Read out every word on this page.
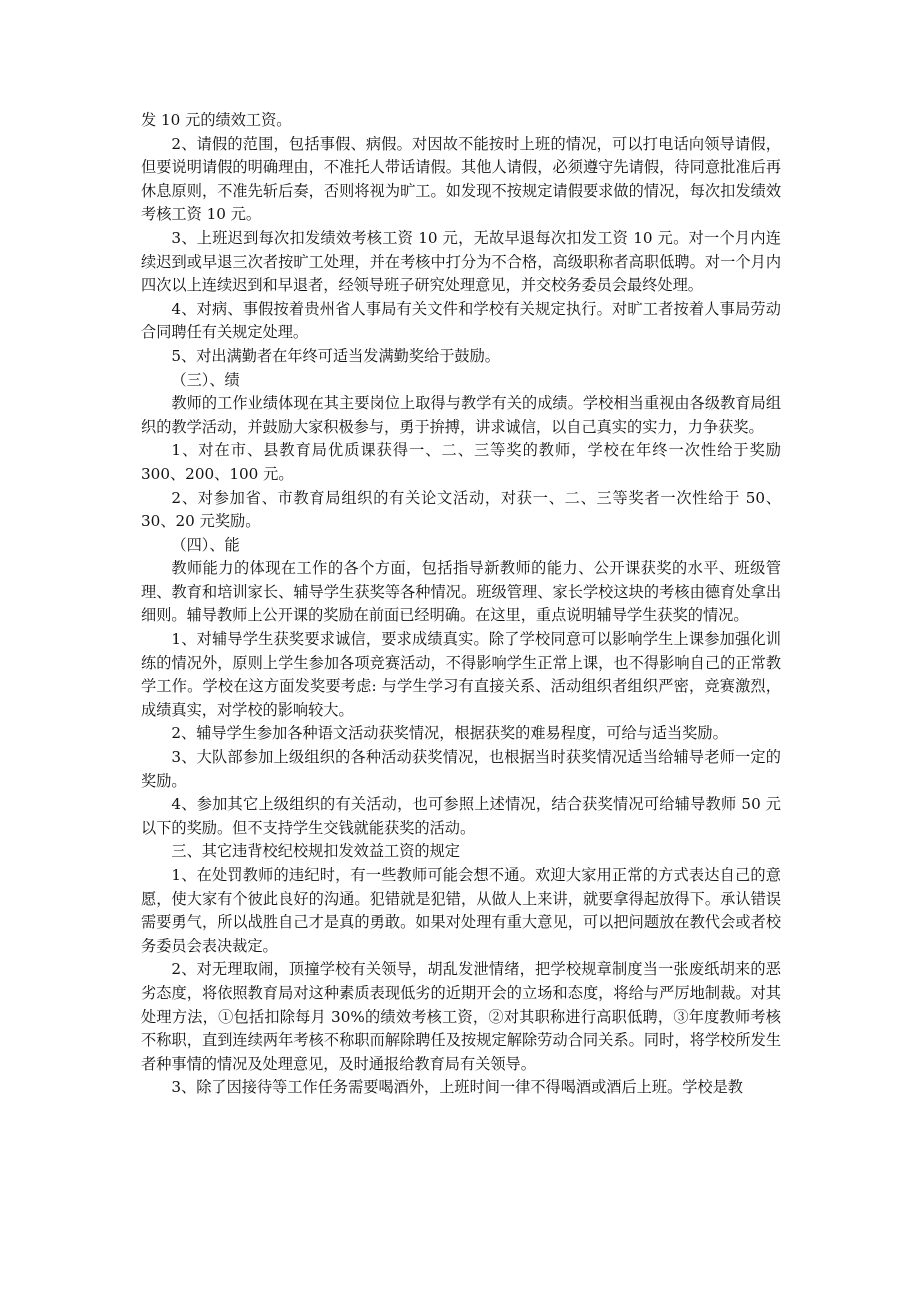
发 10 元的绩效工资。

2、请假的范围，包括事假、病假。对因故不能按时上班的情况，可以打电话向领导请假，但要说明请假的明确理由，不准托人带话请假。其他人请假，必须遵守先请假，待同意批准后再休息原则，不准先斩后奏，否则将视为旷工。如发现不按规定请假要求做的情况，每次扣发绩效考核工资 10 元。

3、上班迟到每次扣发绩效考核工资 10 元，无故早退每次扣发工资 10 元。对一个月内连续迟到或早退三次者按旷工处理，并在考核中打分为不合格，高级职称者高职低聘。对一个月内四次以上连续迟到和早退者，经领导班子研究处理意见，并交校务委员会最终处理。

4、对病、事假按着贵州省人事局有关文件和学校有关规定执行。对旷工者按着人事局劳动合同聘任有关规定处理。

5、对出满勤者在年终可适当发满勤奖给于鼓励。

（三）、绩

教师的工作业绩体现在其主要岗位上取得与教学有关的成绩。学校相当重视由各级教育局组织的教学活动，并鼓励大家积极参与，勇于拚搏，讲求诚信，以自己真实的实力，力争获奖。

1、对在市、县教育局优质课获得一、二、三等奖的教师，学校在年终一次性给于奖励 300、200、100 元。

2、对参加省、市教育局组织的有关论文活动，对获一、二、三等奖者一次性给于 50、30、20 元奖励。

（四）、能

教师能力的体现在工作的各个方面，包括指导新教师的能力、公开课获奖的水平、班级管理、教育和培训家长、辅导学生获奖等各种情况。班级管理、家长学校这块的考核由德育处拿出细则。辅导教师上公开课的奖励在前面已经明确。在这里，重点说明辅导学生获奖的情况。

1、对辅导学生获奖要求诚信，要求成绩真实。除了学校同意可以影响学生上课参加强化训练的情况外，原则上学生参加各项竞赛活动，不得影响学生正常上课，也不得影响自己的正常教学工作。学校在这方面发奖要考虑: 与学生学习有直接关系、活动组织者组织严密，竞赛激烈，成绩真实，对学校的影响较大。

2、辅导学生参加各种语文活动获奖情况，根据获奖的难易程度，可给与适当奖励。

3、大队部参加上级组织的各种活动获奖情况，也根据当时获奖情况适当给辅导老师一定的奖励。

4、参加其它上级组织的有关活动，也可参照上述情况，结合获奖情况可给辅导教师 50 元以下的奖励。但不支持学生交钱就能获奖的活动。

三、其它违背校纪校规扣发效益工资的规定

1、在处罚教师的违纪时，有一些教师可能会想不通。欢迎大家用正常的方式表达自己的意愿，使大家有个彼此良好的沟通。犯错就是犯错，从做人上来讲，就要拿得起放得下。承认错误需要勇气，所以战胜自己才是真的勇敢。如果对处理有重大意见，可以把问题放在教代会或者校务委员会表决裁定。

2、对无理取闹，顶撞学校有关领导，胡乱发泄情绪，把学校规章制度当一张废纸胡来的恶劣态度，将依照教育局对这种素质表现低劣的近期开会的立场和态度，将给与严厉地制裁。对其处理方法，①包括扣除每月 30%的绩效考核工资，②对其职称进行高职低聘，③年度教师考核不称职，直到连续两年考核不称职而解除聘任及按规定解除劳动合同关系。同时，将学校所发生者种事情的情况及处理意见，及时通报给教育局有关领导。

3、除了因接待等工作任务需要喝酒外，上班时间一律不得喝酒或酒后上班。学校是教
